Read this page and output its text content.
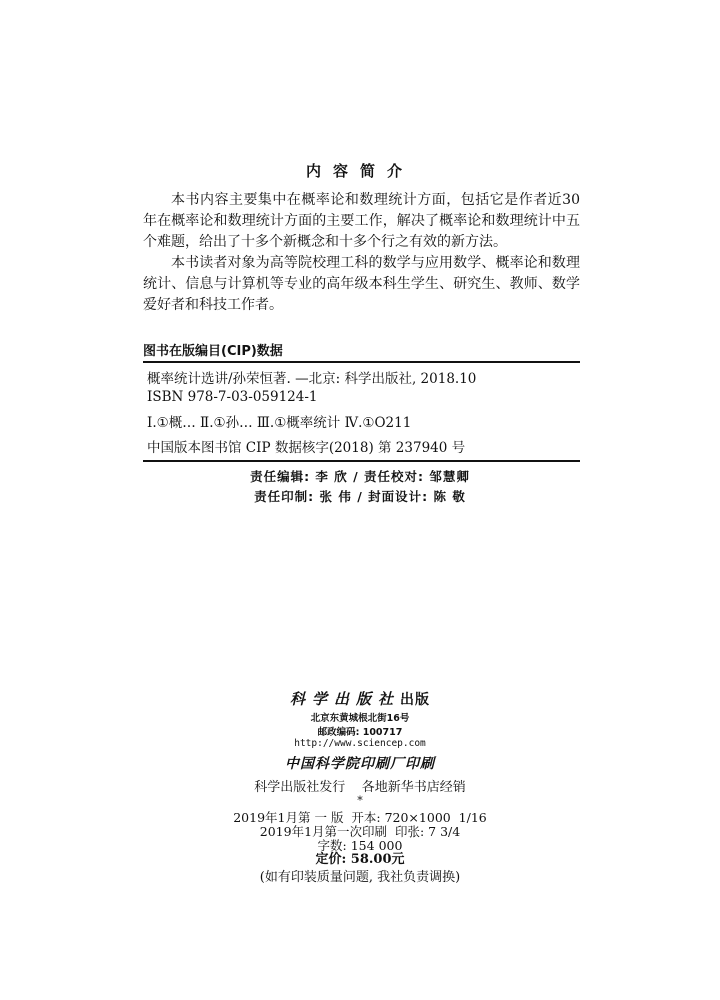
内容简介

本书内容主要集中在概率论和数理统计方面，包括它是作者近30年在概率论和数理统计方面的主要工作，解决了概率论和数理统计中五个难题，给出了十多个新概念和十多个行之有效的新方法。

本书读者对象为高等院校理工科的数学与应用数学、概率论和数理统计、信息与计算机等专业的高年级本科生学生、研究生、教师、数学爱好者和科技工作者。

图书在版编目(CIP)数据
概率统计选讲/孙荣恒著. —北京: 科学出版社, 2018.10
ISBN 978-7-03-059124-1
Ⅰ.①概… Ⅱ.①孙… Ⅲ.①概率统计 Ⅳ.①O211
中国版本图书馆 CIP 数据核字(2018) 第 237940 号
责任编辑: 李 欣 / 责任校对: 邹慧卿
责任印制: 张 伟 / 封面设计: 陈 敬
科学出版社出版
北京东黄城根北街16号
邮政编码: 100717
http://www.sciencep.com
中国科学院印刷厂印刷
科学出版社发行    各地新华书店经销
*
2019年1月第 一 版  开本: 720×1000  1/16
2019年1月第一次印刷  印张: 7 3/4
字数: 154 000
定价: 58.00元
(如有印装质量问题, 我社负责调换)
